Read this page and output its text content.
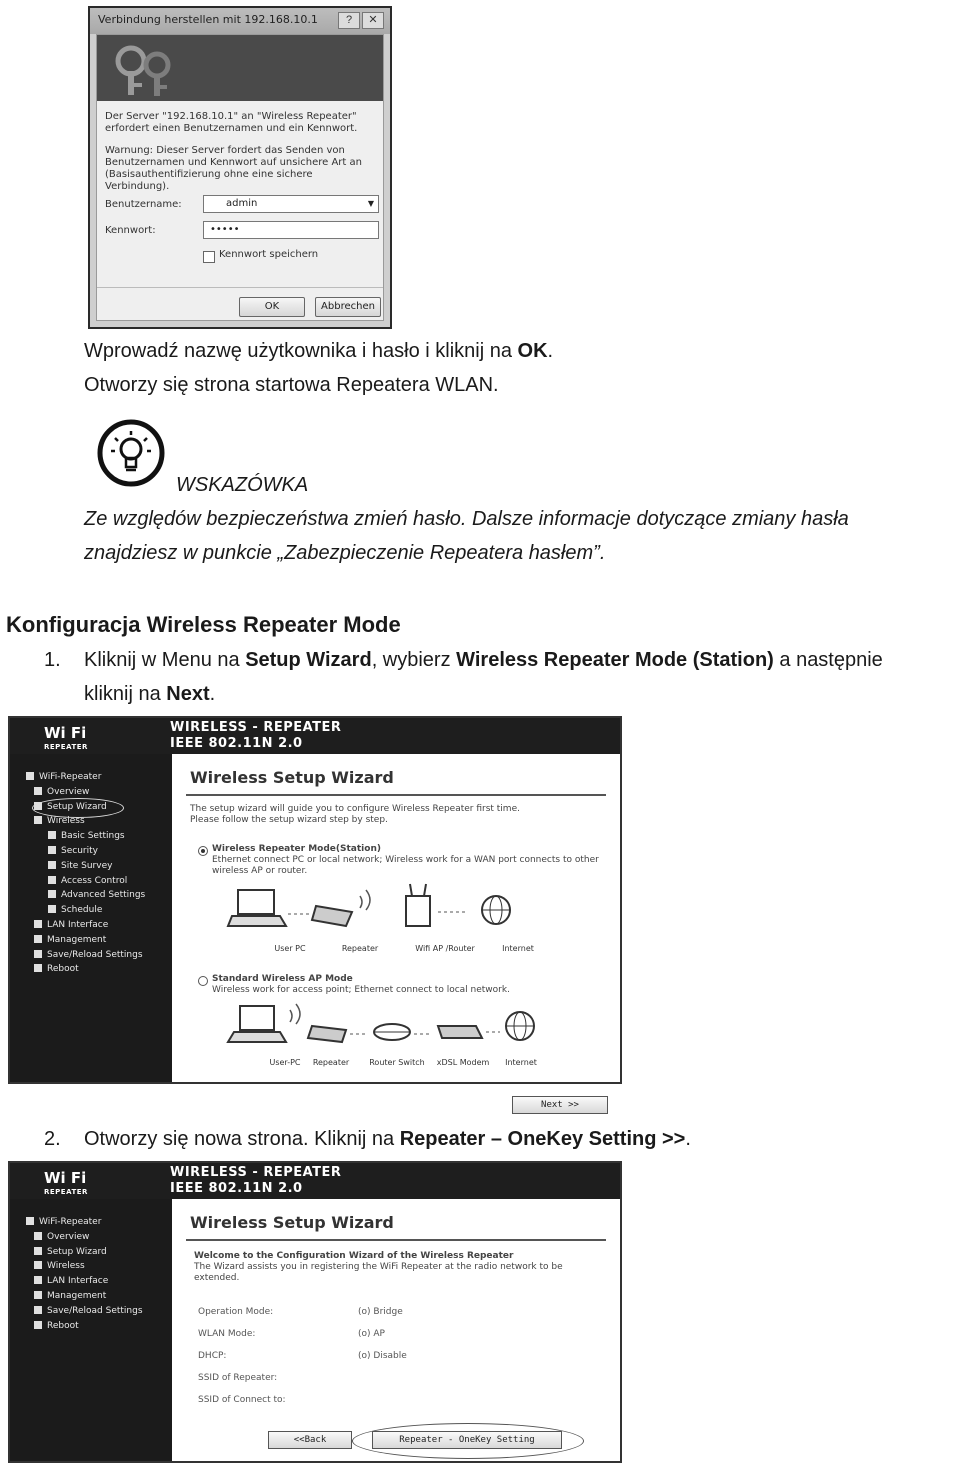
Verbindung herstellen mit 192.168.10.1	?	✕
Der Server "192.168.10.1" an "Wireless Repeater" erfordert einen Benutzernamen und ein Kennwort.
Warnung: Dieser Server fordert das Senden von Benutzernamen und Kennwort auf unsichere Art an (Basisauthentifizierung ohne eine sichere Verbindung).
Benutzername:	admin	▼
Kennwort:	•••••
Kennwort speichern
OK	Abbrechen
Wprowadź nazwę użytkownika i hasło i kliknij na OK.
Otworzy się strona startowa Repeatera WLAN.
WSKAZÓWKA
Ze względów bezpieczeństwa zmień hasło. Dalsze informacje dotyczące zmiany hasła
znajdziesz w punkcie „Zabezpieczenie Repeatera hasłem”.
Konfiguracja Wireless Repeater Mode
1. Kliknij w Menu na Setup Wizard, wybierz Wireless Repeater Mode (Station) a następnie
kliknij na Next.
Wi Fi
REPEATER
WIRELESS - REPEATER
IEEE 802.11N 2.0
WiFi-Repeater
Overview
Setup Wizard
Wireless
Basic Settings
Security
Site Survey
Access Control
Advanced Settings
Schedule
LAN Interface
Management
Save/Reload Settings
Reboot
Wireless Setup Wizard
The setup wizard will guide you to configure Wireless Repeater first time.
Please follow the setup wizard step by step.
Wireless Repeater Mode(Station)
Ethernet connect PC or local network; Wireless work for a WAN port connects to other
wireless AP or router.
User PC	Repeater	Wifi AP /Router	Internet
Standard Wireless AP Mode
Wireless work for access point; Ethernet connect to local network.
User-PC	Repeater	Router Switch	xDSL Modem	Internet
Next >>
2. Otworzy się nowa strona. Kliknij na Repeater – OneKey Setting >>.
Wi Fi
REPEATER
WIRELESS - REPEATER
IEEE 802.11N 2.0
WiFi-Repeater
Overview
Setup Wizard
Wireless
LAN Interface
Management
Save/Reload Settings
Reboot
Wireless Setup Wizard
Welcome to the Configuration Wizard of the Wireless Repeater
The Wizard assists you in registering the WiFi Repeater at the radio network to be
extended.
Operation Mode:	(o) Bridge
WLAN Mode:	(o) AP
DHCP:	(o) Disable
SSID of Repeater:
SSID of Connect to:
<<Back	Repeater - OneKey Setting
